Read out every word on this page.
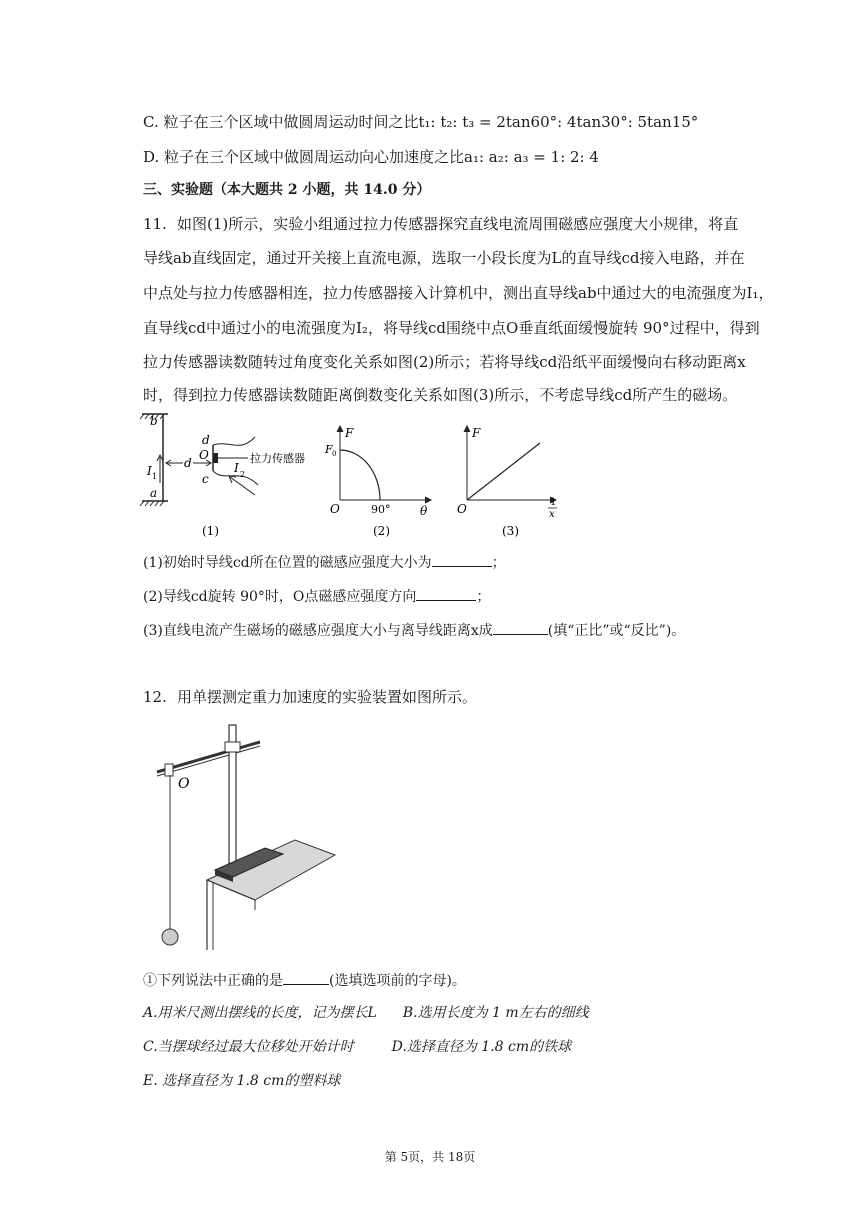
C. 粒子在三个区域中做圆周运动时间之比t₁: t₂: t₃ = 2tan60°: 4tan30°: 5tan15°
D. 粒子在三个区域中做圆周运动向心加速度之比a₁: a₂: a₃ = 1: 2: 4
三、实验题（本大题共 2 小题，共 14.0 分）
11. 如图(1)所示，实验小组通过拉力传感器探究直线电流周围磁感应强度大小规律，将直
导线ab直线固定，通过开关接上直流电源，选取一小段长度为L的直导线cd接入电路，并在
中点处与拉力传感器相连，拉力传感器接入计算机中，测出直导线ab中通过大的电流强度为I₁，
直导线cd中通过小的电流强度为I₂，将导线cd围绕中点O垂直纸面缓慢旋转 90°过程中，得到
拉力传感器读数随转过角度变化关系如图(2)所示；若将导线cd沿纸平面缓慢向右移动距离x
时，得到拉力传感器读数随距离倒数变化关系如图(3)所示，不考虑导线cd所产生的磁场。
b
a
I 1
d
d
O
c
拉力传感器
I 2
(1)
F
F 0
O	90° θ
(2)
F
O	1
x
(3)
(1)初始时导线cd所在位置的磁感应强度大小为	；
(2)导线cd旋转 90°时，O点磁感应强度方向	；
(3)直线电流产生磁场的磁感应强度大小与离导线距离x成	(填“正比”或“反比”)。
12. 用单摆测定重力加速度的实验装置如图所示。
O
①下列说法中正确的是	(选填选项前的字母)。
A.用米尺测出摆线的长度，记为摆长L B.选用长度为 1 m左右的细线
C.当摆球经过最大位移处开始计时	D.选择直径为 1.8 cm的铁球
E. 选择直径为 1.8 cm的塑料球
第 5页，共 18页
